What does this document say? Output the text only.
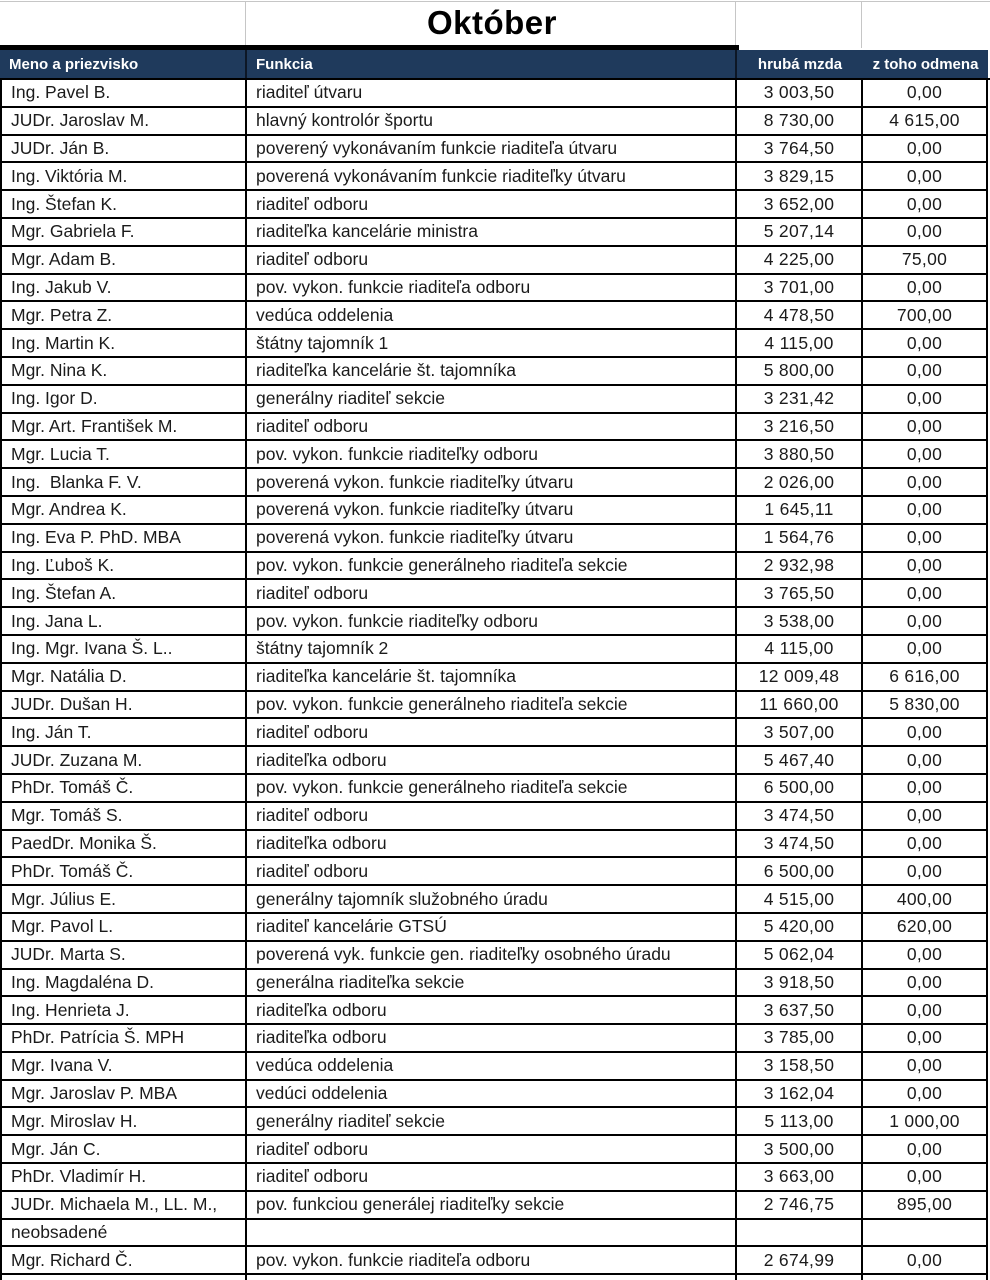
Október
Meno a priezvisko	Funkcia	hrubá mzda	z toho odmena
Ing. Pavel B.	riaditeľ útvaru	3 003,50	0,00
JUDr. Jaroslav M.	hlavný kontrolór športu	8 730,00	4 615,00
JUDr. Ján B.	poverený vykonávaním funkcie riaditeľa útvaru	3 764,50	0,00
Ing. Viktória M.	poverená vykonávaním funkcie riaditeľky útvaru	3 829,15	0,00
Ing. Štefan K.	riaditeľ odboru	3 652,00	0,00
Mgr. Gabriela F.	riaditeľka kancelárie ministra	5 207,14	0,00
Mgr. Adam B.	riaditeľ odboru	4 225,00	75,00
Ing. Jakub V.	pov. vykon. funkcie riaditeľa odboru	3 701,00	0,00
Mgr. Petra Z.	vedúca oddelenia	4 478,50	700,00
Ing. Martin K.	štátny tajomník 1	4 115,00	0,00
Mgr. Nina K.	riaditeľka kancelárie št. tajomníka	5 800,00	0,00
Ing. Igor D.	generálny riaditeľ sekcie	3 231,42	0,00
Mgr. Art. František M.	riaditeľ odboru	3 216,50	0,00
Mgr. Lucia T.	pov. vykon. funkcie riaditeľky odboru	3 880,50	0,00
Ing.  Blanka F. V.	poverená vykon. funkcie riaditeľky útvaru	2 026,00	0,00
Mgr. Andrea K.	poverená vykon. funkcie riaditeľky útvaru	1 645,11	0,00
Ing. Eva P. PhD. MBA	poverená vykon. funkcie riaditeľky útvaru	1 564,76	0,00
Ing. Ľuboš K.	pov. vykon. funkcie generálneho riaditeľa sekcie	2 932,98	0,00
Ing. Štefan A.	riaditeľ odboru	3 765,50	0,00
Ing. Jana L.	pov. vykon. funkcie riaditeľky odboru	3 538,00	0,00
Ing. Mgr. Ivana Š. L..	štátny tajomník 2	4 115,00	0,00
Mgr. Natália D.	riaditeľka kancelárie št. tajomníka	12 009,48	6 616,00
JUDr. Dušan H.	pov. vykon. funkcie generálneho riaditeľa sekcie	11 660,00	5 830,00
Ing. Ján T.	riaditeľ odboru	3 507,00	0,00
JUDr. Zuzana M.	riaditeľka odboru	5 467,40	0,00
PhDr. Tomáš Č.	pov. vykon. funkcie generálneho riaditeľa sekcie	6 500,00	0,00
Mgr. Tomáš S.	riaditeľ odboru	3 474,50	0,00
PaedDr. Monika Š.	riaditeľka odboru	3 474,50	0,00
PhDr. Tomáš Č.	riaditeľ odboru	6 500,00	0,00
Mgr. Július E.	generálny tajomník služobného úradu	4 515,00	400,00
Mgr. Pavol L.	riaditeľ kancelárie GTSÚ	5 420,00	620,00
JUDr. Marta S.	poverená vyk. funkcie gen. riaditeľky osobného úradu	5 062,04	0,00
Ing. Magdaléna D.	generálna riaditeľka sekcie	3 918,50	0,00
Ing. Henrieta J.	riaditeľka odboru	3 637,50	0,00
PhDr. Patrícia Š. MPH	riaditeľka odboru	3 785,00	0,00
Mgr. Ivana V.	vedúca oddelenia	3 158,50	0,00
Mgr. Jaroslav P. MBA	vedúci oddelenia	3 162,04	0,00
Mgr. Miroslav H.	generálny riaditeľ sekcie	5 113,00	1 000,00
Mgr. Ján C.	riaditeľ odboru	3 500,00	0,00
PhDr. Vladimír H.	riaditeľ odboru	3 663,00	0,00
JUDr. Michaela M., LL. M.,	pov. funkciou generálej riaditeľky sekcie	2 746,75	895,00
neobsadené
Mgr. Richard Č.	pov. vykon. funkcie riaditeľa odboru	2 674,99	0,00
